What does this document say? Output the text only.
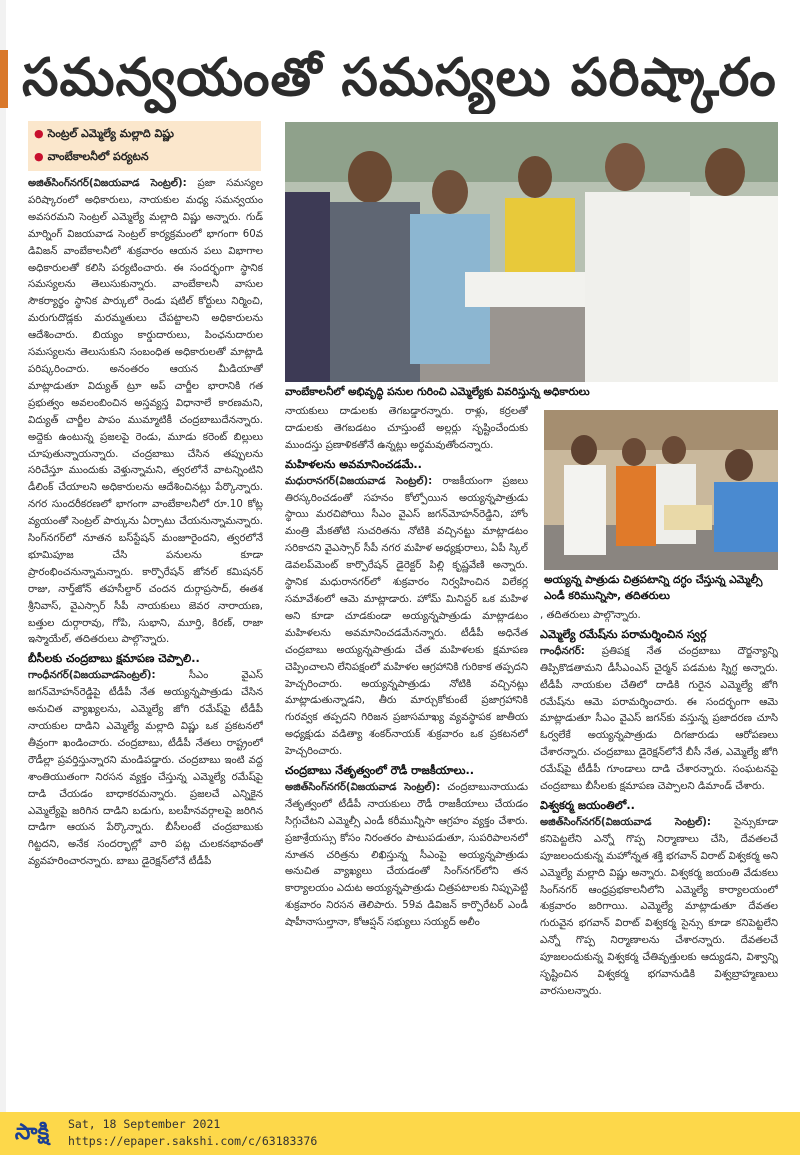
సమన్వయంతో సమస్యలు పరిష్కారం
● సెంట్రల్ ఎమ్మెల్యే మల్లాది విష్ణు
● వాంబేకాలనీలో పర్యటన

అజిత్‌సింగ్‌నగర్(విజయవాడ సెంట్రల్): ప్రజా సమస్యల పరిష్కారంలో అధికారులు, నాయకుల మధ్య సమన్వయం అవసరమని సెంట్రల్ ఎమ్మెల్యే మల్లాది విష్ణు అన్నారు. గుడ్ మార్నింగ్ విజయవాడ సెంట్రల్ కార్యక్రమంలో భాగంగా 60వ డివిజన్ వాంబేకాలనీలో శుక్రవారం ఆయన పలు విభాగాల అధికారులతో కలిసి పర్యటించారు. ఈ సందర్భంగా స్థానిక సమస్యలను తెలుసుకున్నారు. వాంబేకాలనీ వాసుల సౌకర్యార్థం స్థానిక పార్కులో రెండు షటిల్ కోర్టులు నిర్మించి, మరుగుదొడ్లకు మరమ్మతులు చేపట్టాలని అధికారులను ఆదేశించారు. బియ్యం కార్డుదారులు, పింఛనుదారుల సమస్యలను తెలుసుకుని సంబంధిత అధికారులతో మాట్లాడి పరిష్కరించారు. అనంతరం ఆయన మీడియాతో మాట్లాడుతూ విద్యుత్ ట్రూ అప్ చార్జీల భారానికి గత ప్రభుత్వం అవలంబించిన అస్తవ్యస్త విధానాలే కారణమని, విద్యుత్ చార్జీల పాపం ముమ్మాటికీ చంద్రబాబుదేనన్నారు. అద్దెకు ఉంటున్న ప్రజలపై రెండు, మూడు కరెంట్ బిల్లులు చూపుతున్నాయన్నారు. చంద్రబాబు చేసిన తప్పులను సరిచేస్తూ ముందుకు వెళ్తున్నామని, త్వరలోనే వాటన్నింటిని డీలింక్ చేయాలని అధికారులను ఆదేశించినట్లు పేర్కొన్నారు. నగర సుందరీకరణలో భాగంగా వాంబేకాలనీలో రూ.10 కోట్ల వ్యయంతో సెంట్రల్ పార్కును ఏర్పాటు చేయనున్నామన్నారు. సింగ్‌నగర్‌లో నూతన బస్‌స్టేషన్ మంజూరైందని, త్వరలోనే భూమిపూజ చేసి పనులను కూడా ప్రారంభించనున్నామన్నారు. కార్పొరేషన్ జోనల్ కమిషనర్ రాజు, నార్త్‌జోన్ తహసీల్దార్ చందన దుర్గాప్రసాద్, ఈతశ శ్రీనివాస్, వైఎస్సార్ సీపీ నాయకులు జెవర నారాయణ, బత్తుల దుర్గారావు, గోపి, సుభాని, మూర్తి, కిరణ్, రాజా ఇస్మాయేల్, తదితరులు పాల్గొన్నారు.

బీసీలకు చంద్రబాబు క్షమాపణ చెప్పాలి..

గాంధీనగర్(విజయవాడసెంట్రల్):	సీఎం వైఎస్ జగన్‌మోహన్‌రెడ్డిపై టీడీపీ నేత అయ్యన్నపాత్రుడు చేసిన అనుచిత వ్యాఖ్యలను, ఎమ్మెల్యే జోగి రమేష్‌పై టీడీపీ నాయకుల దాడిని ఎమ్మెల్యే మల్లాది విష్ణు ఒక ప్రకటనలో తీవ్రంగా ఖండించారు. చంద్రబాబు, టీడీపీ నేతలు రాష్ట్రంలో రౌడీల్లా ప్రవర్తిస్తున్నారని మండిపడ్డారు. చంద్రబాబు ఇంటి వద్ద శాంతియుతంగా నిరసన వ్యక్తం చేస్తున్న ఎమ్మెల్యే రమేష్‌పై దాడి చేయడం బాధాకరమన్నారు. ప్రజలచే ఎన్నికైన ఎమ్మెల్యేపై జరిగిన దాడిని బడుగు, బలహీనవర్గాలపై జరిగిన దాడిగా ఆయన పేర్కొన్నారు. బీసీలంటే చంద్రబాబుకు గిట్టదని, అనేక సందర్భాల్లో వారి పట్ల చులకనభావంతో వ్యవహరించారన్నారు. బాబు డైరెక్షన్‌లోనే టీడీపీ

వాంబేకాలనీలో అభివృద్ధి పనుల గురించి ఎమ్మెల్యేకు వివరిస్తున్న అధికారులు
అయ్యన్న పాత్రుడు చిత్రపటాన్ని దగ్ధం చేస్తున్న ఎమ్మెల్సీ ఎండీ కరిమున్నిసా, తదితరులు

నాయకులు దాడులకు తెగబడ్డారన్నారు. రాళ్లు, కర్రలతో దాడులకు తెగబడటం చూస్తుంటే అల్లర్లు సృష్టించేందుకు ముందస్తు ప్రణాళికతోనే ఉన్నట్లు అర్థమవుతోందన్నారు.

మహిళలను అవమానించడమే..

మధురానగర్(విజయవాడ సెంట్రల్): రాజకీయంగా ప్రజలు తిరస్కరించడంతో సహనం కోల్పోయిన అయ్యన్నపాత్రుడు స్థాయి మరచిపోయి సీఎం వైఎస్ జగన్‌మోహన్‌రెడ్డిని, హోం మంత్రి మేకతోటి సుచరితను నోటికి వచ్చినట్టు మాట్లాడటం సరికాదని వైఎస్సార్ సీపీ నగర మహిళ అధ్యక్షురాలు, ఏపీ స్కిల్ డెవలప్‌మెంట్ కార్పొరేషన్ డైరెక్టర్ పిల్లి కృష్ణవేణి అన్నారు. స్థానిక మధురానగర్‌లో శుక్రవారం నిర్వహించిన విలేకర్ల సమావేశంలో ఆమె మాట్లాడారు. హోమ్ మినిస్టర్ ఒక మహిళ అని కూడా చూడకుండా అయ్యన్నపాత్రుడు మాట్లాడటం మహిళలను అవమానించడమేనన్నారు. టీడీపీ అధినేత చంద్రబాబు అయ్యన్నపాత్రుడు చేత మహిళలకు క్షమాపణ చెప్పించాలని లేనిపక్షంలో మహిళల ఆగ్రహానికి గురికాక తప్పదని హెచ్చరించారు. అయ్యన్నపాత్రుడు నోటికి వచ్చినట్లు మాట్లాడుతున్నాడని, తీరు మార్చుకోకుంటే ప్రజాగ్రహానికి గురవ్వక తప్పదని గిరిజన ప్రజాసమాఖ్య వ్యవస్థాపక జాతీయ అధ్యక్షుడు వడిత్యా శంకర్‌నాయక్ శుక్రవారం ఒక ప్రకటనలో హెచ్చరించారు.

చంద్రబాబు నేతృత్వంలో రౌడీ రాజకీయాలు..

అజిత్‌సింగ్‌నగర్(విజయవాడ సెంట్రల్): చంద్రబాబునాయుడు నేతృత్వంలో టీడీపీ నాయకులు రౌడీ రాజకీయాలు చేయడం సిగ్గుచేటని ఎమ్మెల్సీ ఎండీ కరీమున్నీసా ఆగ్రహం వ్యక్తం చేశారు. ప్రజాశ్రేయస్సు కోసం నిరంతరం పాటుపడుతూ, సుపరిపాలనలో నూతన చరిత్రను లిఖిస్తున్న సీఎంపై అయ్యన్నపాత్రుడు అనుచిత వ్యాఖ్యలు చేయడంతో సింగ్‌నగర్‌లోని తన కార్యాలయం ఎదుట అయ్యన్నపాత్రుడు చిత్రపటాలకు నిప్పుపెట్టి శుక్రవారం నిరసన తెలిపారు. 59వ డివిజన్ కార్పొరేటర్ ఎండీ షాహీనాసుల్తానా, కోఆప్షన్ సభ్యులు సయ్యద్ అలీం

, తదితరులు పాల్గొన్నారు.

ఎమ్మెల్యే రమేష్‌ను పరామర్శించిన స్వర్గ

గాంధీనగర్: ప్రతిపక్ష నేత చంద్రబాబు దౌర్జన్యాన్ని తిప్పికొడతామని డీసీఎంఎస్ చైర్మన్ పడమట స్నిగ్ధ అన్నారు. టీడీపీ నాయకుల చేతిలో దాడికి గురైన ఎమ్మెల్యే జోగి రమేష్‌ను ఆమె పరామర్శించారు. ఈ సందర్భంగా ఆమె మాట్లాడుతూ సీఎం వైఎస్ జగన్‌కు వస్తున్న ప్రజాదరణ చూసి ఓర్వలేకే అయ్యన్నపాత్రుడు దిగజారుడు ఆరోపణలు చేశారన్నారు. చంద్రబాబు డైరెక్షన్‌లోనే బీసీ నేత, ఎమ్మెల్యే జోగి రమేష్‌పై టీడీపీ గూండాలు దాడి చేశారన్నారు. సంఘటనపై చంద్రబాబు బీసీలకు క్షమాపణ చెప్పాలని డిమాండ్ చేశారు.

విశ్వకర్మ జయంతిలో..

అజిత్‌సింగ్‌నగర్(విజయవాడ సెంట్రల్): సైన్సుకూడా కనిపెట్టలేని ఎన్నో గొప్ప నిర్మాణాలు చేసి, దేవతలచే పూజలందుకున్న మహోన్నత శక్తి భగవాన్ విరాట్ విశ్వకర్మ అని ఎమ్మెల్యే మల్లాది విష్ణు అన్నారు. విశ్వకర్మ జయంతి వేడుకలు సింగ్‌నగర్ ఆంధ్రప్రభకాలనీలోని ఎమ్మెల్యే కార్యాలయంలో శుక్రవారం జరిగాయి. ఎమ్మెల్యే మాట్లాడుతూ దేవతల గురువైన భగవాన్ విరాట్ విశ్వకర్మ సైన్సు కూడా కనిపెట్టలేని ఎన్నో గొప్ప నిర్మాణాలను చేశారన్నారు. దేవతలచే పూజలందుకున్న విశ్వకర్మ చేతివృత్తులకు ఆద్యుడని, విశ్వాన్ని సృష్టించిన విశ్వకర్మ భగవానుడికి విశ్వబ్రాహ్మణులు వారసులన్నారు.

సాక్షి	Sat, 18 September 2021
https://epaper.sakshi.com/c/63183376
